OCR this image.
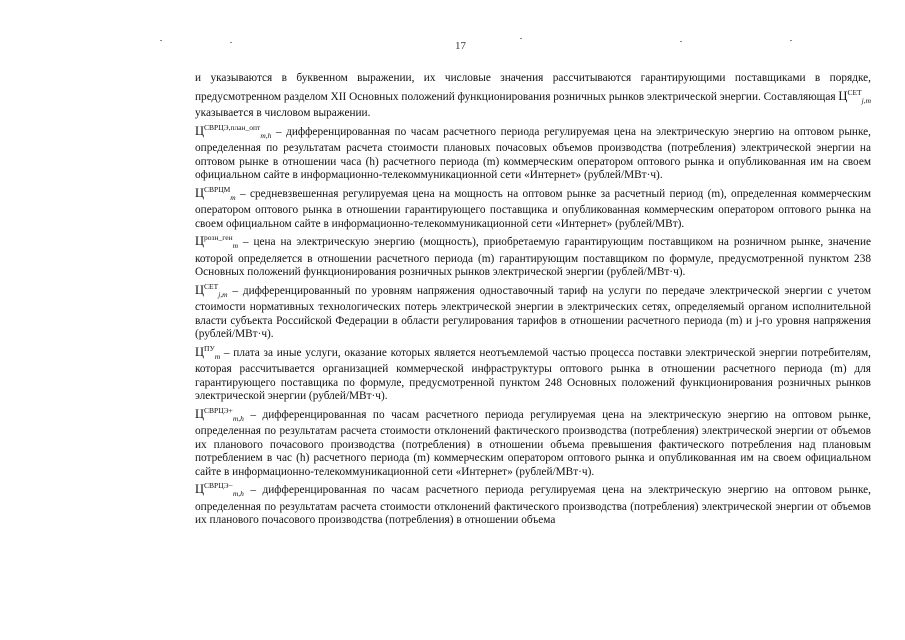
17

и указываются в буквенном выражении, их числовые значения рассчитываются гарантирующими поставщиками в порядке, предусмотренном разделом XII Основных положений функционирования розничных рынков электрической энергии. Составляющая $Ц^{СЕТ}_{j,m}$ указывается в числовом выражении.

$Ц^{СВРЦЭ,план\_опт}_{m,h}$ – дифференцированная по часам расчетного периода регулируемая цена на электрическую энергию на оптовом рынке, определенная по результатам расчета стоимости плановых почасовых объемов производства (потребления) электрической энергии на оптовом рынке в отношении часа (h) расчетного периода (m) коммерческим оператором оптового рынка и опубликованная им на своем официальном сайте в информационно-телекоммуникационной сети «Интернет» (рублей/МВт·ч).

$Ц^{СВРЦМ}_m$ – средневзвешенная регулируемая цена на мощность на оптовом рынке за расчетный период (m), определенная коммерческим оператором оптового рынка в отношении гарантирующего поставщика и опубликованная коммерческим оператором оптового рынка на своем официальном сайте в информационно-телекоммуникационной сети «Интернет» (рублей/МВт).

$Ц^{розн\_ген}_m$ – цена на электрическую энергию (мощность), приобретаемую гарантирующим поставщиком на розничном рынке, значение которой определяется в отношении расчетного периода (m) гарантирующим поставщиком по формуле, предусмотренной пунктом 238 Основных положений функционирования розничных рынков электрической энергии (рублей/МВт·ч).

$Ц^{СЕТ}_{j,m}$ – дифференцированный по уровням напряжения одноставочный тариф на услуги по передаче электрической энергии с учетом стоимости нормативных технологических потерь электрической энергии в электрических сетях, определяемый органом исполнительной власти субъекта Российской Федерации в области регулирования тарифов в отношении расчетного периода (m) и j-го уровня напряжения (рублей/МВт·ч).

$Ц^{ПУ}_m$ – плата за иные услуги, оказание которых является неотъемлемой частью процесса поставки электрической энергии потребителям, которая рассчитывается организацией коммерческой инфраструктуры оптового рынка в отношении расчетного периода (m) для гарантирующего поставщика по формуле, предусмотренной пунктом 248 Основных положений функционирования розничных рынков электрической энергии (рублей/МВт·ч).

$Ц^{СВРЦЭ+}_{m,h}$ – дифференцированная по часам расчетного периода регулируемая цена на электрическую энергию на оптовом рынке, определенная по результатам расчета стоимости отклонений фактического производства (потребления) электрической энергии от объемов их планового почасового производства (потребления) в отношении объема превышения фактического потребления над плановым потреблением в час (h) расчетного периода (m) коммерческим оператором оптового рынка и опубликованная им на своем официальном сайте в информационно-телекоммуникационной сети «Интернет» (рублей/МВт·ч).

$Ц^{СВРЦЭ-}_{m,h}$ – дифференцированная по часам расчетного периода регулируемая цена на электрическую энергию на оптовом рынке, определенная по результатам расчета стоимости отклонений фактического производства (потребления) электрической энергии от объемов их планового почасового производства (потребления) в отношении объема
